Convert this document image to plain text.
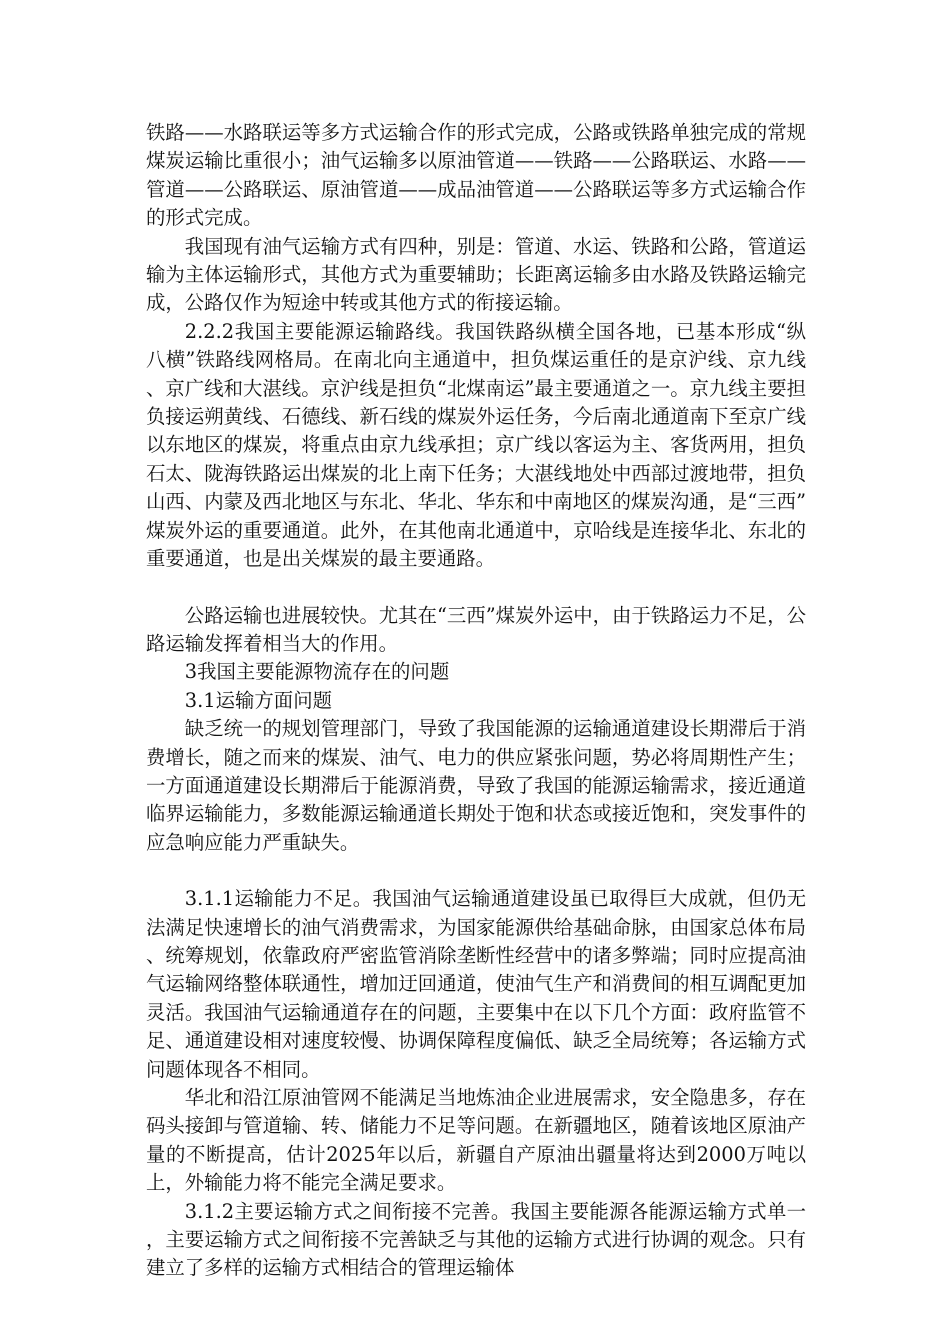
铁路——水路联运等多方式运输合作的形式完成，公路或铁路单独完成的常规煤炭运输比重很小；油气运输多以原油管道——铁路——公路联运、水路——管道——公路联运、原油管道——成品油管道——公路联运等多方式运输合作的形式完成。

我国现有油气运输方式有四种，别是：管道、水运、铁路和公路，管道运输为主体运输形式，其他方式为重要辅助；长距离运输多由水路及铁路运输完成，公路仅作为短途中转或其他方式的衔接运输。

2.2.2我国主要能源运输路线。我国铁路纵横全国各地，已基本形成“纵八横”铁路线网格局。在南北向主通道中，担负煤运重任的是京沪线、京九线、京广线和大湛线。京沪线是担负“北煤南运”最主要通道之一。京九线主要担负接运朔黄线、石德线、新石线的煤炭外运任务，今后南北通道南下至京广线以东地区的煤炭，将重点由京九线承担；京广线以客运为主、客货两用，担负石太、陇海铁路运出煤炭的北上南下任务；大湛线地处中西部过渡地带，担负山西、内蒙及西北地区与东北、华北、华东和中南地区的煤炭沟通，是“三西”煤炭外运的重要通道。此外，在其他南北通道中，京哈线是连接华北、东北的重要通道，也是出关煤炭的最主要通路。

公路运输也进展较快。尤其在“三西”煤炭外运中，由于铁路运力不足，公路运输发挥着相当大的作用。

3我国主要能源物流存在的问题

3.1运输方面问题

缺乏统一的规划管理部门，导致了我国能源的运输通道建设长期滞后于消费增长，随之而来的煤炭、油气、电力的供应紧张问题，势必将周期性产生；一方面通道建设长期滞后于能源消费，导致了我国的能源运输需求，接近通道临界运输能力，多数能源运输通道长期处于饱和状态或接近饱和，突发事件的应急响应能力严重缺失。

3.1.1运输能力不足。我国油气运输通道建设虽已取得巨大成就，但仍无法满足快速增长的油气消费需求，为国家能源供给基础命脉，由国家总体布局、统筹规划，依靠政府严密监管消除垄断性经营中的诸多弊端；同时应提高油气运输网络整体联通性，增加迂回通道，使油气生产和消费间的相互调配更加灵活。我国油气运输通道存在的问题，主要集中在以下几个方面：政府监管不足、通道建设相对速度较慢、协调保障程度偏低、缺乏全局统筹；各运输方式问题体现各不相同。

华北和沿江原油管网不能满足当地炼油企业进展需求，安全隐患多，存在码头接卸与管道输、转、储能力不足等问题。在新疆地区，随着该地区原油产量的不断提高，估计2025年以后，新疆自产原油出疆量将达到2000万吨以上，外输能力将不能完全满足要求。

3.1.2主要运输方式之间衔接不完善。我国主要能源各能源运输方式单一，主要运输方式之间衔接不完善缺乏与其他的运输方式进行协调的观念。只有建立了多样的运输方式相结合的管理运输体
